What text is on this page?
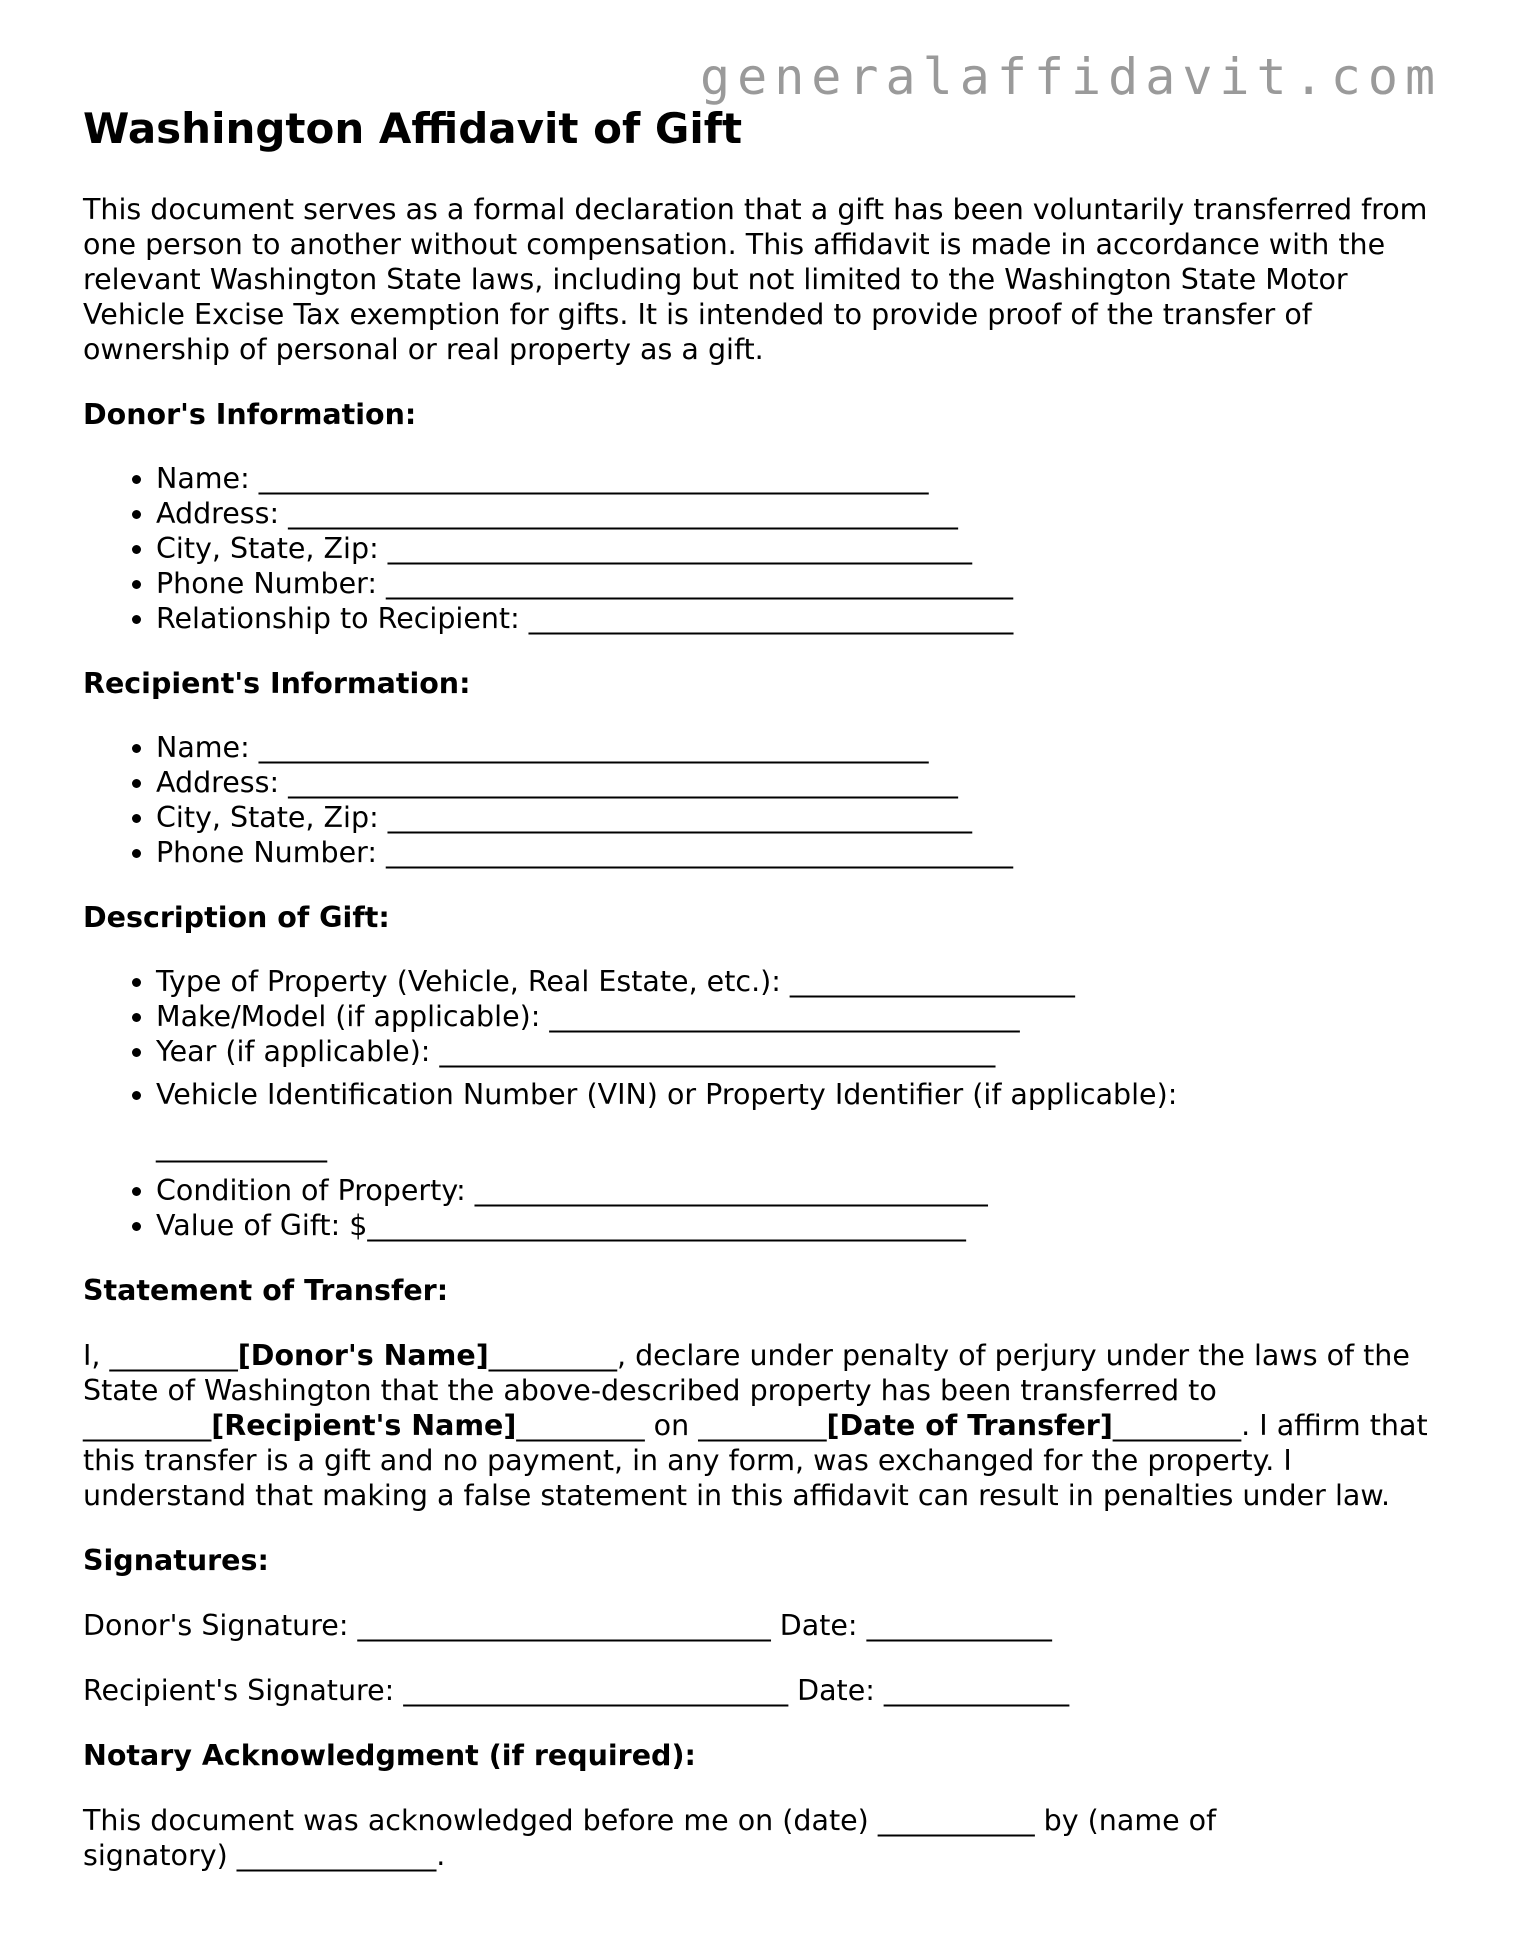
generalaffidavit.com
Washington Affidavit of Gift

This document serves as a formal declaration that a gift has been voluntarily transferred from one person to another without compensation. This affidavit is made in accordance with the relevant Washington State laws, including but not limited to the Washington State Motor Vehicle Excise Tax exemption for gifts. It is intended to provide proof of the transfer of ownership of personal or real property as a gift.

Donor's Information:
• Name: _______________________________________________
• Address: _______________________________________________
• City, State, Zip: _________________________________________
• Phone Number: ____________________________________________
• Relationship to Recipient: __________________________________
Recipient's Information:
• Name: _______________________________________________
• Address: _______________________________________________
• City, State, Zip: _________________________________________
• Phone Number: ____________________________________________
Description of Gift:
• Type of Property (Vehicle, Real Estate, etc.): ____________________
• Make/Model (if applicable): _________________________________
• Year (if applicable): _______________________________________
• Vehicle Identification Number (VIN) or Property Identifier (if applicable): ____________
• Condition of Property: ____________________________________
• Value of Gift: $__________________________________________
Statement of Transfer:

I, _________[Donor's Name]_________, declare under penalty of perjury under the laws of the State of Washington that the above-described property has been transferred to _________[Recipient's Name]_________ on _________[Date of Transfer]_________. I affirm that this transfer is a gift and no payment, in any form, was exchanged for the property. I understand that making a false statement in this affidavit can result in penalties under law.

Signatures:

Donor's Signature: _____________________________ Date: _____________

Recipient's Signature: ___________________________ Date: _____________

Notary Acknowledgment (if required):

This document was acknowledged before me on (date) ___________ by (name of signatory) ______________.
